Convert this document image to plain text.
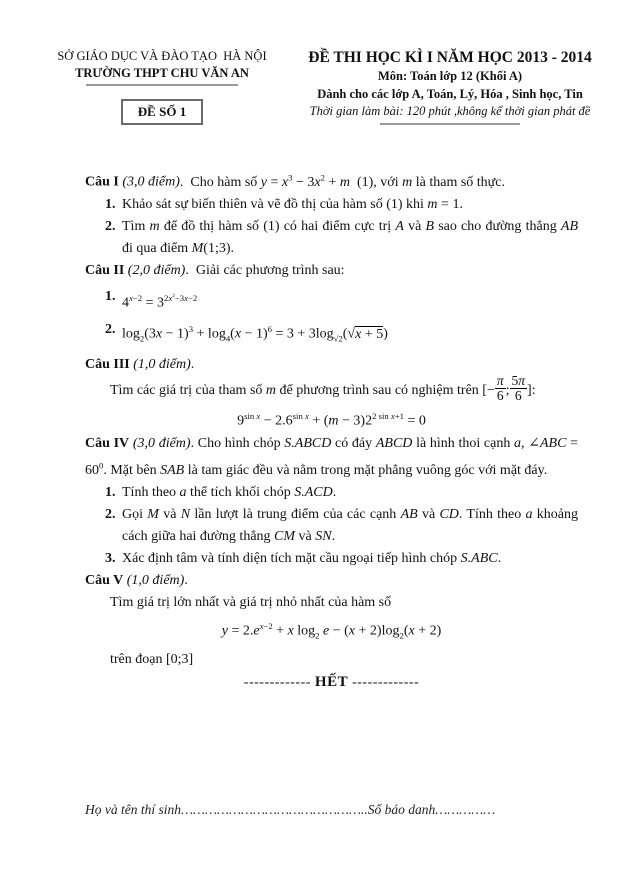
SỞ GIÁO DỤC VÀ ĐÀO TẠO  HÀ NỘI
TRƯỜNG THPT CHU VĂN AN
ĐỀ SỐ 1
ĐỀ THI HỌC KÌ I NĂM HỌC 2013 - 2014
Môn: Toán lớp 12 (Khối A)
Dành cho các lớp A, Toán, Lý, Hóa , Sinh học, Tin
Thời gian làm bài: 120 phút ,không kể thời gian phát đề

Câu I (3,0 điểm).  Cho hàm số $y = x^3 - 3x^2 + m$  (1), với m là tham số thực.

1. Khảo sát sự biến thiên và vẽ đồ thị của hàm số (1) khi m = 1.
2. Tìm m để đồ thị hàm số (1) có hai điểm cực trị A và B sao cho đường thẳng AB đi qua điểm M(1;3).

Câu II (2,0 điểm).  Giải các phương trình sau:

1. $4^{x-2} = 3^{2x^2-3x-2}$
2. $\log_2(3x - 1)^3 + \log_4(x - 1)^6 = 3 + 3\log_{√2}(√x + 5)$

Câu III (1,0 điểm).

Tìm các giá trị của tham số m để phương trình sau có nghiệm trên [− $\frac{\pi}{6}$ ; $\frac{5\pi}{6}$ ]:

$9^{sin x} - 2.6^{sin x} + (m - 3)2^{2 sin x+1} = 0$

Câu IV (3,0 điểm). Cho hình chóp S.ABCD có đáy ABCD là hình thoi cạnh a, ∠ABC = $60^0$. Mặt bên SAB là tam giác đều và nằm trong mặt phẳng vuông góc với mặt đáy.

1. Tính theo a thể tích khối chóp S.ACD.
2. Gọi M và N lần lượt là trung điểm của các cạnh AB và CD. Tính theo a khoảng cách giữa hai đường thẳng CM và SN.
3. Xác định tâm và tính diện tích mặt cầu ngoại tiếp hình chóp S.ABC.

Câu V (1,0 điểm).

Tìm giá trị lớn nhất và giá trị nhỏ nhất của hàm số

$y = 2.e^{x-2} + x$ $\log_2 e - (x + 2)\log_2(x + 2)$

trên đoạn [0;3]

------------- HẾT -------------

Họ và tên thí sinh………………………………………..Số báo danh……………
